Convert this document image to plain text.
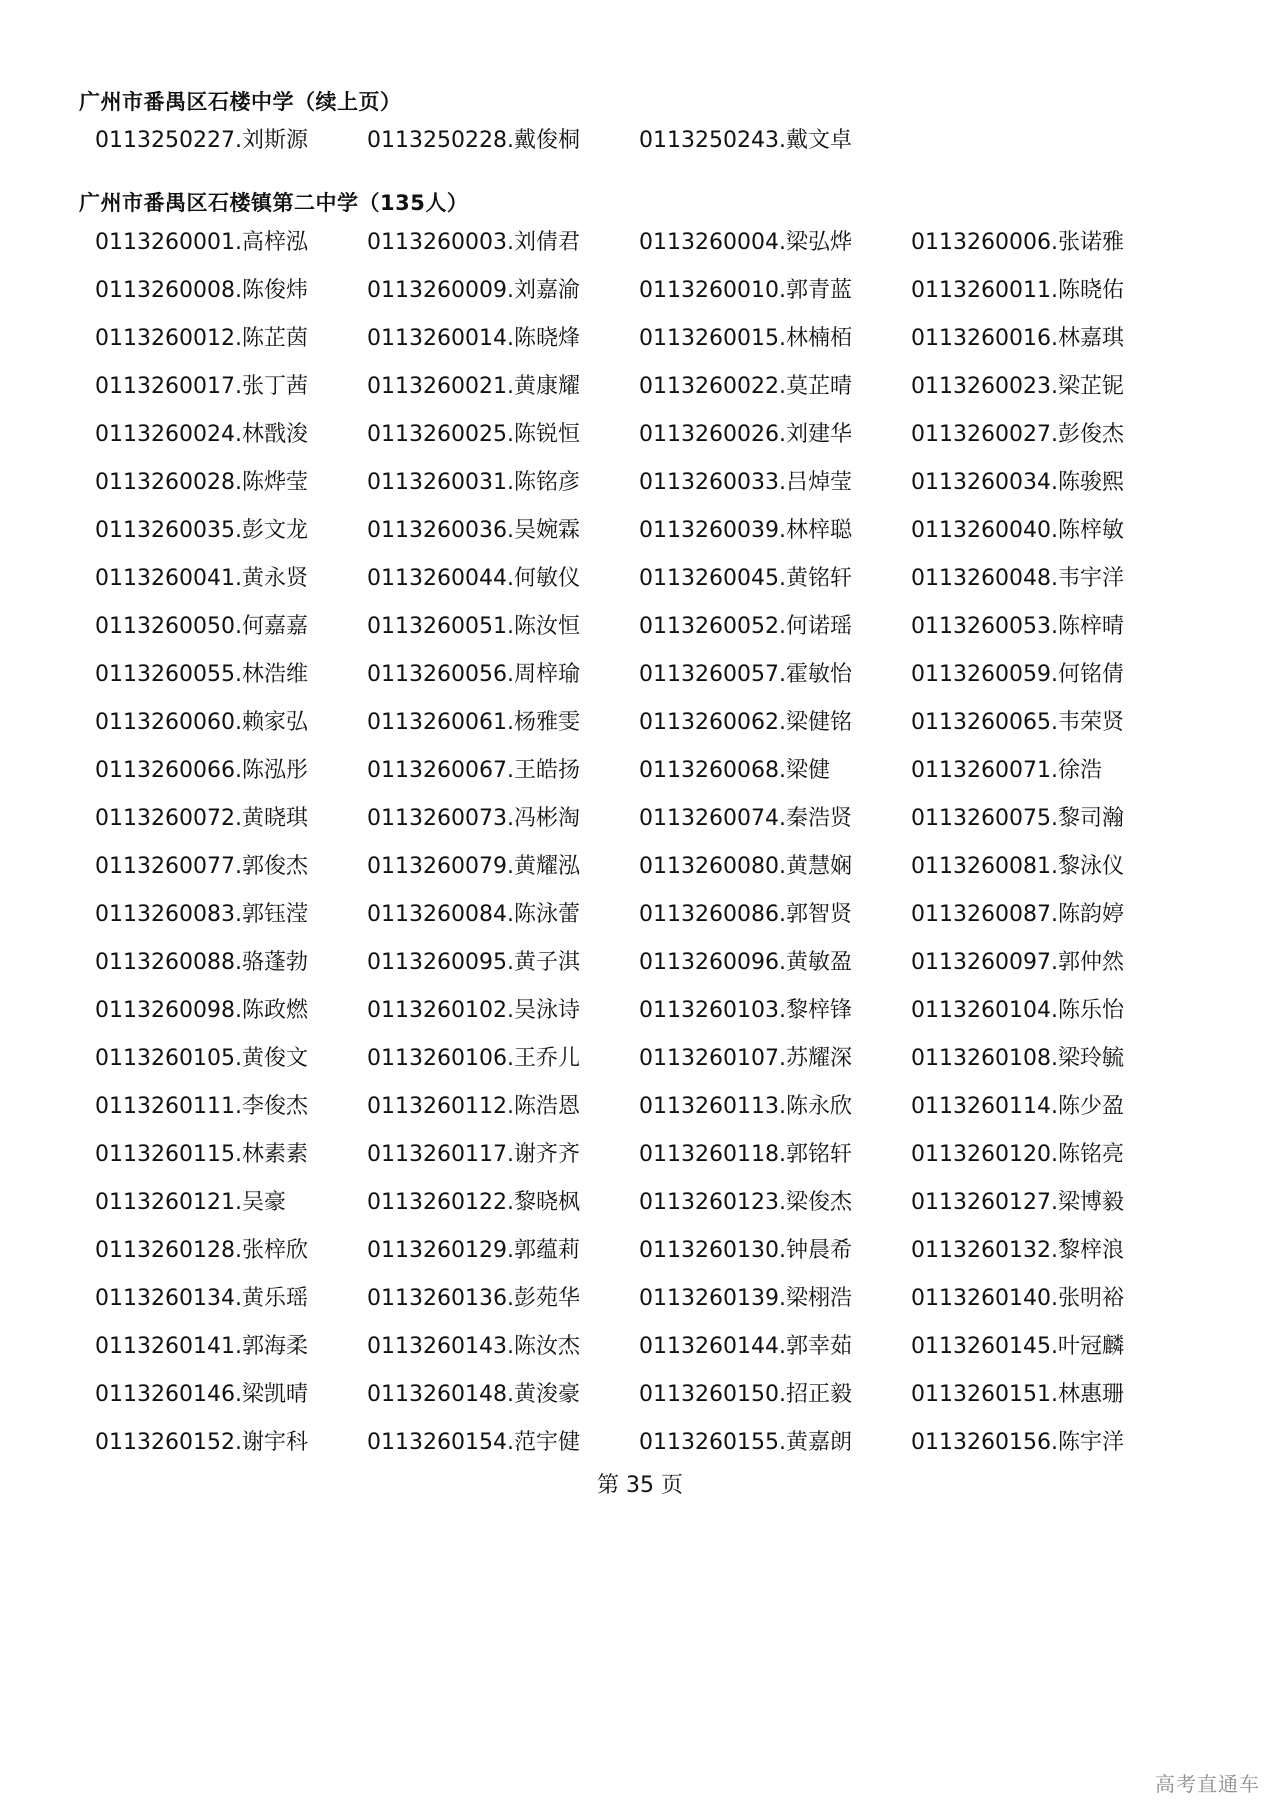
广州市番禺区石楼中学（续上页）
0113250227.刘斯源	0113250228.戴俊桐	0113250243.戴文卓
广州市番禺区石楼镇第二中学（135人）
0113260001.高梓泓	0113260003.刘倩君	0113260004.梁弘烨	0113260006.张诺雅
0113260008.陈俊炜	0113260009.刘嘉渝	0113260010.郭青蓝	0113260011.陈晓佑
0113260012.陈芷茵	0113260014.陈晓烽	0113260015.林楠栢	0113260016.林嘉琪
0113260017.张丁茜	0113260021.黄康耀	0113260022.莫芷晴	0113260023.梁芷铌
0113260024.林戬浚	0113260025.陈锐恒	0113260026.刘建华	0113260027.彭俊杰
0113260028.陈烨莹	0113260031.陈铭彦	0113260033.吕焯莹	0113260034.陈骏熙
0113260035.彭文龙	0113260036.吴婉霖	0113260039.林梓聪	0113260040.陈梓敏
0113260041.黄永贤	0113260044.何敏仪	0113260045.黄铭轩	0113260048.韦宇洋
0113260050.何嘉嘉	0113260051.陈汝恒	0113260052.何诺瑶	0113260053.陈梓晴
0113260055.林浩维	0113260056.周梓瑜	0113260057.霍敏怡	0113260059.何铭倩
0113260060.赖家弘	0113260061.杨雅雯	0113260062.梁健铭	0113260065.韦荣贤
0113260066.陈泓彤	0113260067.王皓扬	0113260068.梁健	0113260071.徐浩
0113260072.黄晓琪	0113260073.冯彬淘	0113260074.秦浩贤	0113260075.黎司瀚
0113260077.郭俊杰	0113260079.黄耀泓	0113260080.黄慧娴	0113260081.黎泳仪
0113260083.郭钰滢	0113260084.陈泳蕾	0113260086.郭智贤	0113260087.陈韵婷
0113260088.骆蓬勃	0113260095.黄子淇	0113260096.黄敏盈	0113260097.郭仲然
0113260098.陈政燃	0113260102.吴泳诗	0113260103.黎梓锋	0113260104.陈乐怡
0113260105.黄俊文	0113260106.王乔儿	0113260107.苏耀深	0113260108.梁玲毓
0113260111.李俊杰	0113260112.陈浩恩	0113260113.陈永欣	0113260114.陈少盈
0113260115.林素素	0113260117.谢齐齐	0113260118.郭铭轩	0113260120.陈铭亮
0113260121.吴豪	0113260122.黎晓枫	0113260123.梁俊杰	0113260127.梁博毅
0113260128.张梓欣	0113260129.郭蕴莉	0113260130.钟晨希	0113260132.黎梓浪
0113260134.黄乐瑶	0113260136.彭苑华	0113260139.梁栩浩	0113260140.张明裕
0113260141.郭海柔	0113260143.陈汝杰	0113260144.郭幸茹	0113260145.叶冠麟
0113260146.梁凯晴	0113260148.黄浚豪	0113260150.招正毅	0113260151.林惠珊
0113260152.谢宇科	0113260154.范宇健	0113260155.黄嘉朗	0113260156.陈宇洋
第 35 页
高考直通车
